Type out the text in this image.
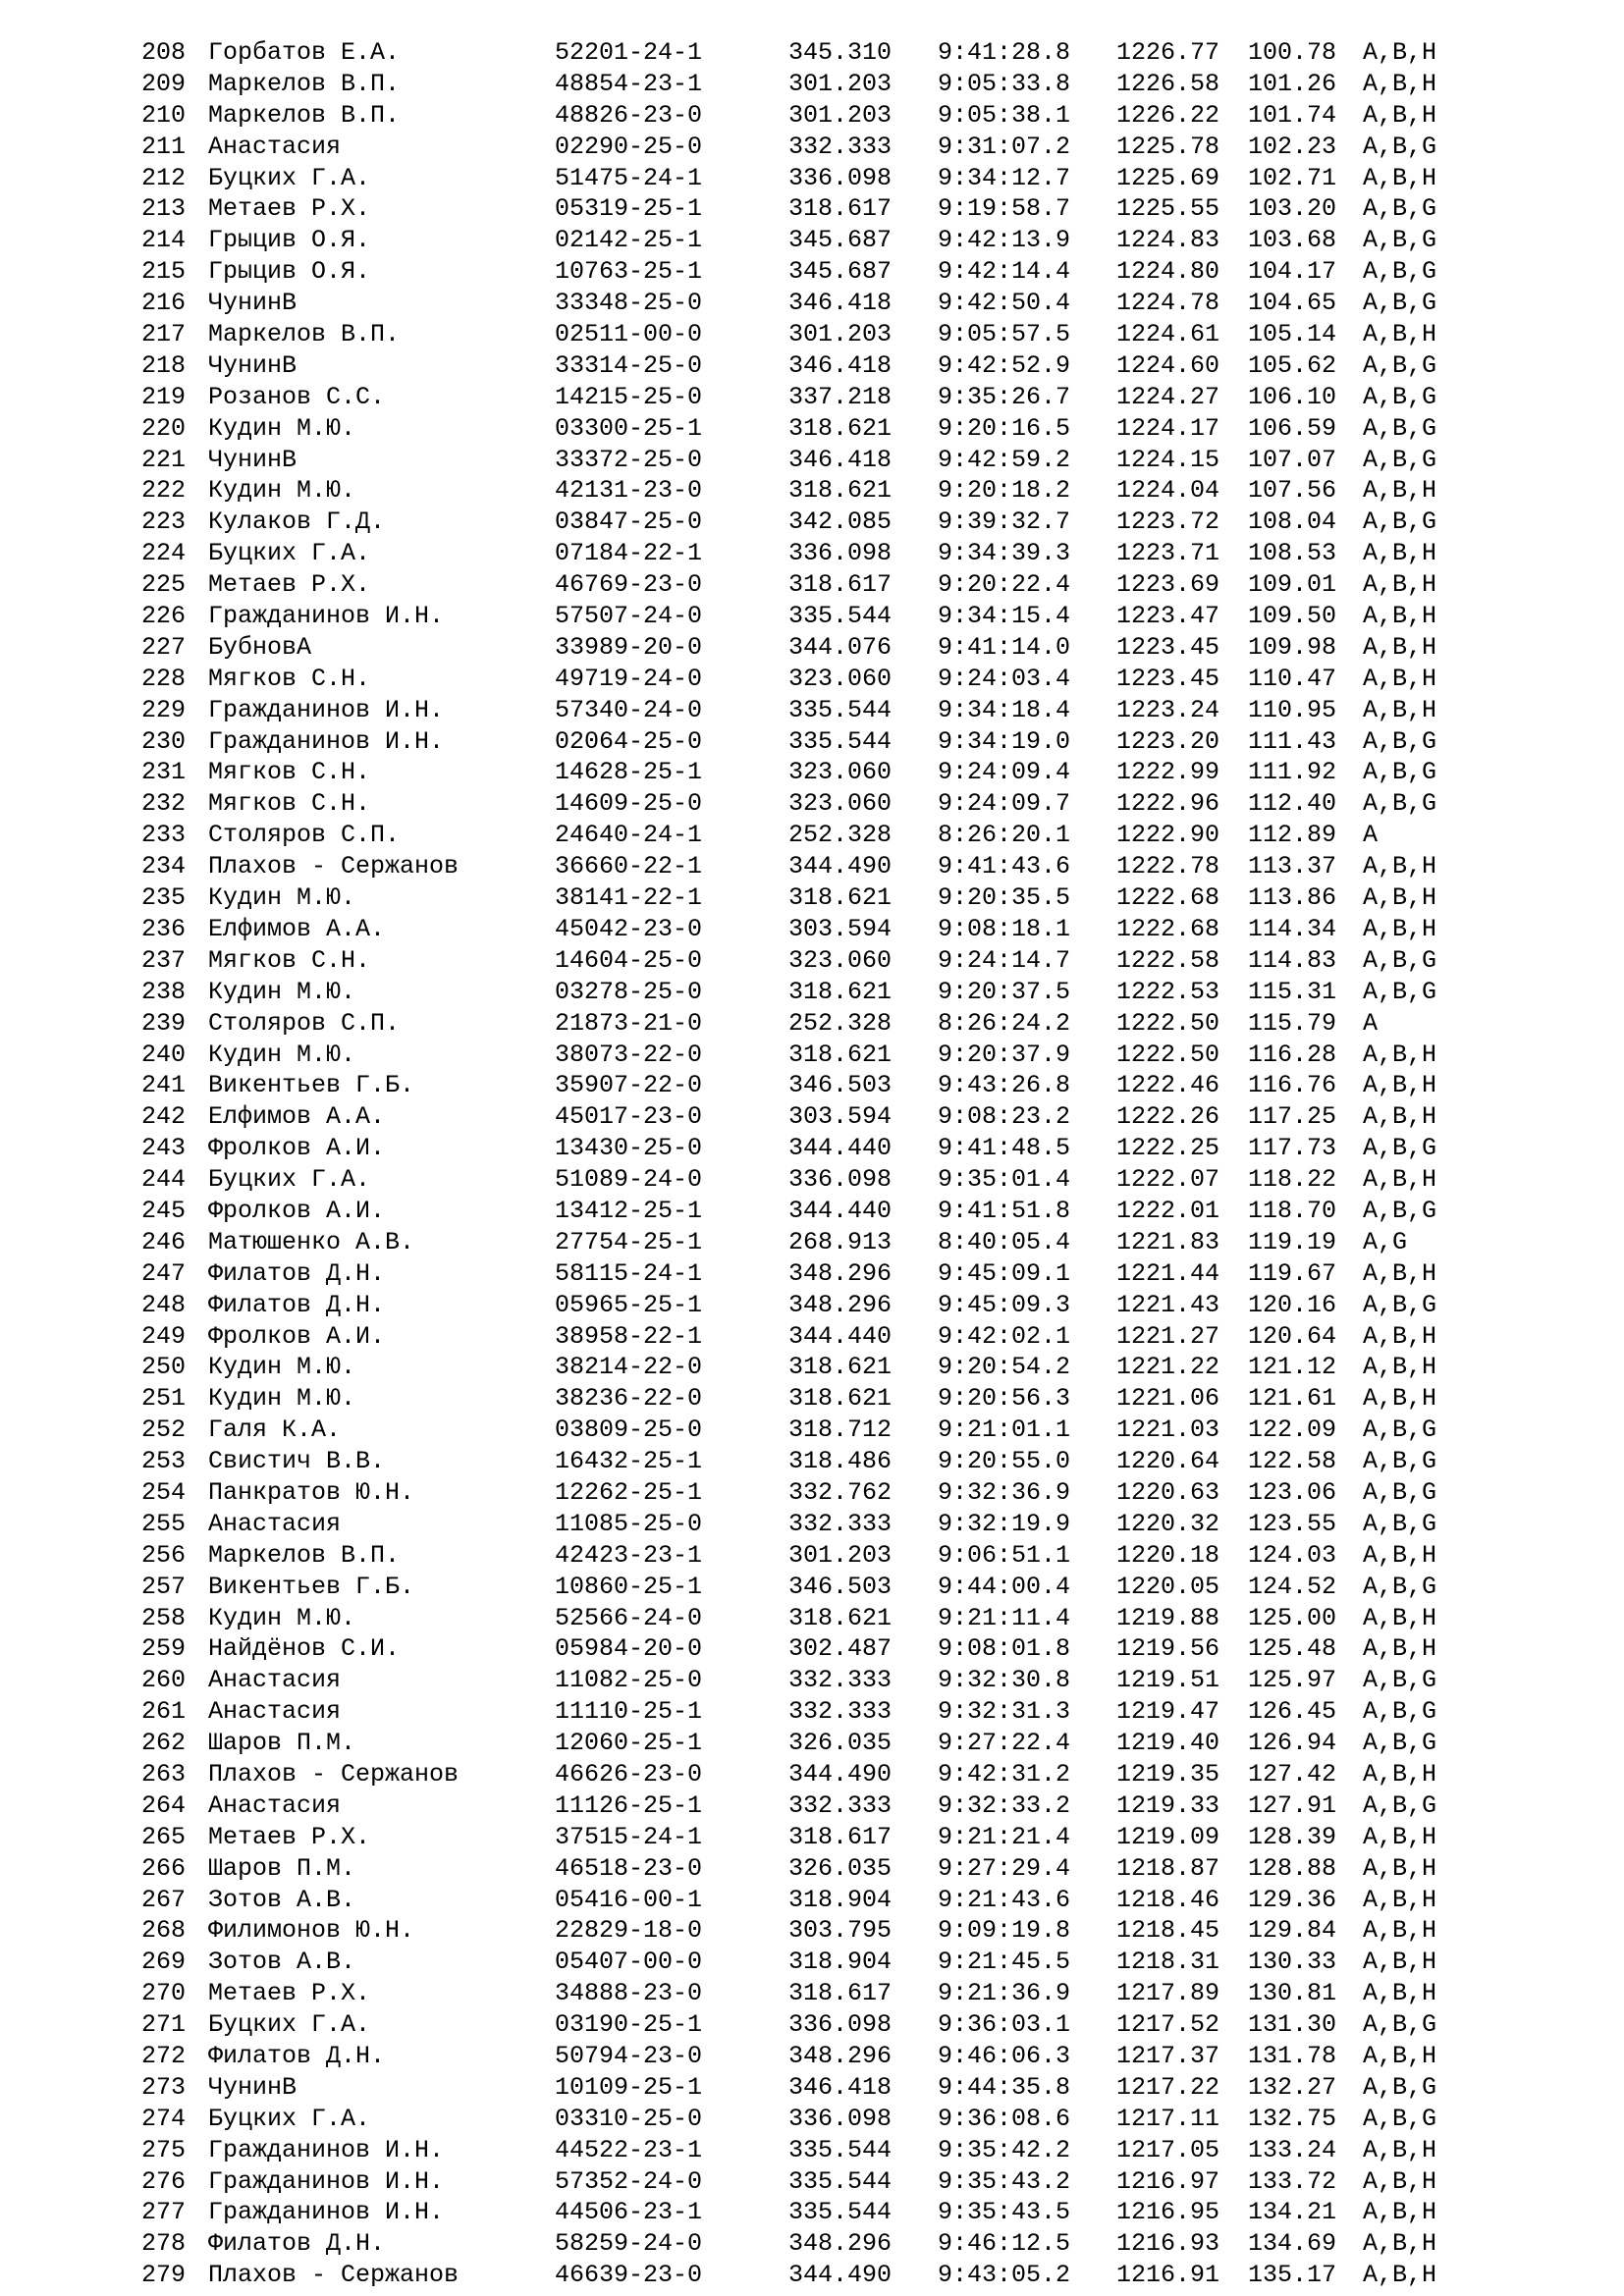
208 Горбатов Е.А.	52201-24-1	345.310 9:41:28.8 1226.77 100.78 A,B,H
209 Маркелов В.П.	48854-23-1	301.203 9:05:33.8 1226.58 101.26 A,B,H
210 Маркелов В.П.	48826-23-0	301.203 9:05:38.1 1226.22 101.74 A,B,H
211 Анастасия	02290-25-0	332.333 9:31:07.2 1225.78 102.23 A,B,G
212 Буцких Г.А.	51475-24-1	336.098 9:34:12.7 1225.69 102.71 A,B,H
213 Метаев Р.Х.	05319-25-1	318.617 9:19:58.7 1225.55 103.20 A,B,G
214 Грыцив О.Я.	02142-25-1	345.687 9:42:13.9 1224.83 103.68 A,B,G
215 Грыцив О.Я.	10763-25-1	345.687 9:42:14.4 1224.80 104.17 A,B,G
216 ЧунинВ	33348-25-0	346.418 9:42:50.4 1224.78 104.65 A,B,G
217 Маркелов В.П.	02511-00-0	301.203 9:05:57.5 1224.61 105.14 A,B,H
218 ЧунинВ	33314-25-0	346.418 9:42:52.9 1224.60 105.62 A,B,G
219 Розанов С.С.	14215-25-0	337.218 9:35:26.7 1224.27 106.10 A,B,G
220 Кудин М.Ю.	03300-25-1	318.621 9:20:16.5 1224.17 106.59 A,B,G
221 ЧунинВ	33372-25-0	346.418 9:42:59.2 1224.15 107.07 A,B,G
222 Кудин М.Ю.	42131-23-0	318.621 9:20:18.2 1224.04 107.56 A,B,H
223 Кулаков Г.Д.	03847-25-0	342.085 9:39:32.7 1223.72 108.04 A,B,G
224 Буцких Г.А.	07184-22-1	336.098 9:34:39.3 1223.71 108.53 A,B,H
225 Метаев Р.Х.	46769-23-0	318.617 9:20:22.4 1223.69 109.01 A,B,H
226 Гражданинов И.Н.	57507-24-0	335.544 9:34:15.4 1223.47 109.50 A,B,H
227 БубновА	33989-20-0	344.076 9:41:14.0 1223.45 109.98 A,B,H
228 Мягков С.Н.	49719-24-0	323.060 9:24:03.4 1223.45 110.47 A,B,H
229 Гражданинов И.Н.	57340-24-0	335.544 9:34:18.4 1223.24 110.95 A,B,H
230 Гражданинов И.Н.	02064-25-0	335.544 9:34:19.0 1223.20 111.43 A,B,G
231 Мягков С.Н.	14628-25-1	323.060 9:24:09.4 1222.99 111.92 A,B,G
232 Мягков С.Н.	14609-25-0	323.060 9:24:09.7 1222.96 112.40 A,B,G
233 Столяров С.П.	24640-24-1	252.328 8:26:20.1 1222.90 112.89 A
234 Плахов - Сержанов	36660-22-1	344.490 9:41:43.6 1222.78 113.37 A,B,H
235 Кудин М.Ю.	38141-22-1	318.621 9:20:35.5 1222.68 113.86 A,B,H
236 Елфимов А.А.	45042-23-0	303.594 9:08:18.1 1222.68 114.34 A,B,H
237 Мягков С.Н.	14604-25-0	323.060 9:24:14.7 1222.58 114.83 A,B,G
238 Кудин М.Ю.	03278-25-0	318.621 9:20:37.5 1222.53 115.31 A,B,G
239 Столяров С.П.	21873-21-0	252.328 8:26:24.2 1222.50 115.79 A
240 Кудин М.Ю.	38073-22-0	318.621 9:20:37.9 1222.50 116.28 A,B,H
241 Викентьев Г.Б.	35907-22-0	346.503 9:43:26.8 1222.46 116.76 A,B,H
242 Елфимов А.А.	45017-23-0	303.594 9:08:23.2 1222.26 117.25 A,B,H
243 Фролков А.И.	13430-25-0	344.440 9:41:48.5 1222.25 117.73 A,B,G
244 Буцких Г.А.	51089-24-0	336.098 9:35:01.4 1222.07 118.22 A,B,H
245 Фролков А.И.	13412-25-1	344.440 9:41:51.8 1222.01 118.70 A,B,G
246 Матюшенко А.В.	27754-25-1	268.913 8:40:05.4 1221.83 119.19 A,G
247 Филатов Д.Н.	58115-24-1	348.296 9:45:09.1 1221.44 119.67 A,B,H
248 Филатов Д.Н.	05965-25-1	348.296 9:45:09.3 1221.43 120.16 A,B,G
249 Фролков А.И.	38958-22-1	344.440 9:42:02.1 1221.27 120.64 A,B,H
250 Кудин М.Ю.	38214-22-0	318.621 9:20:54.2 1221.22 121.12 A,B,H
251 Кудин М.Ю.	38236-22-0	318.621 9:20:56.3 1221.06 121.61 A,B,H
252 Галя К.А.	03809-25-0	318.712 9:21:01.1 1221.03 122.09 A,B,G
253 Свистич В.В.	16432-25-1	318.486 9:20:55.0 1220.64 122.58 A,B,G
254 Панкратов Ю.Н.	12262-25-1	332.762 9:32:36.9 1220.63 123.06 A,B,G
255 Анастасия	11085-25-0	332.333 9:32:19.9 1220.32 123.55 A,B,G
256 Маркелов В.П.	42423-23-1	301.203 9:06:51.1 1220.18 124.03 A,B,H
257 Викентьев Г.Б.	10860-25-1	346.503 9:44:00.4 1220.05 124.52 A,B,G
258 Кудин М.Ю.	52566-24-0	318.621 9:21:11.4 1219.88 125.00 A,B,H
259 Найдёнов С.И.	05984-20-0	302.487 9:08:01.8 1219.56 125.48 A,B,H
260 Анастасия	11082-25-0	332.333 9:32:30.8 1219.51 125.97 A,B,G
261 Анастасия	11110-25-1	332.333 9:32:31.3 1219.47 126.45 A,B,G
262 Шаров П.М.	12060-25-1	326.035 9:27:22.4 1219.40 126.94 A,B,G
263 Плахов - Сержанов	46626-23-0	344.490 9:42:31.2 1219.35 127.42 A,B,H
264 Анастасия	11126-25-1	332.333 9:32:33.2 1219.33 127.91 A,B,G
265 Метаев Р.Х.	37515-24-1	318.617 9:21:21.4 1219.09 128.39 A,B,H
266 Шаров П.М.	46518-23-0	326.035 9:27:29.4 1218.87 128.88 A,B,H
267 Зотов А.В.	05416-00-1	318.904 9:21:43.6 1218.46 129.36 A,B,H
268 Филимонов Ю.Н.	22829-18-0	303.795 9:09:19.8 1218.45 129.84 A,B,H
269 Зотов А.В.	05407-00-0	318.904 9:21:45.5 1218.31 130.33 A,B,H
270 Метаев Р.Х.	34888-23-0	318.617 9:21:36.9 1217.89 130.81 A,B,H
271 Буцких Г.А.	03190-25-1	336.098 9:36:03.1 1217.52 131.30 A,B,G
272 Филатов Д.Н.	50794-23-0	348.296 9:46:06.3 1217.37 131.78 A,B,H
273 ЧунинВ	10109-25-1	346.418 9:44:35.8 1217.22 132.27 A,B,G
274 Буцких Г.А.	03310-25-0	336.098 9:36:08.6 1217.11 132.75 A,B,G
275 Гражданинов И.Н.	44522-23-1	335.544 9:35:42.2 1217.05 133.24 A,B,H
276 Гражданинов И.Н.	57352-24-0	335.544 9:35:43.2 1216.97 133.72 A,B,H
277 Гражданинов И.Н.	44506-23-1	335.544 9:35:43.5 1216.95 134.21 A,B,H
278 Филатов Д.Н.	58259-24-0	348.296 9:46:12.5 1216.93 134.69 A,B,H
279 Плахов - Сержанов	46639-23-0	344.490 9:43:05.2 1216.91 135.17 A,B,H
